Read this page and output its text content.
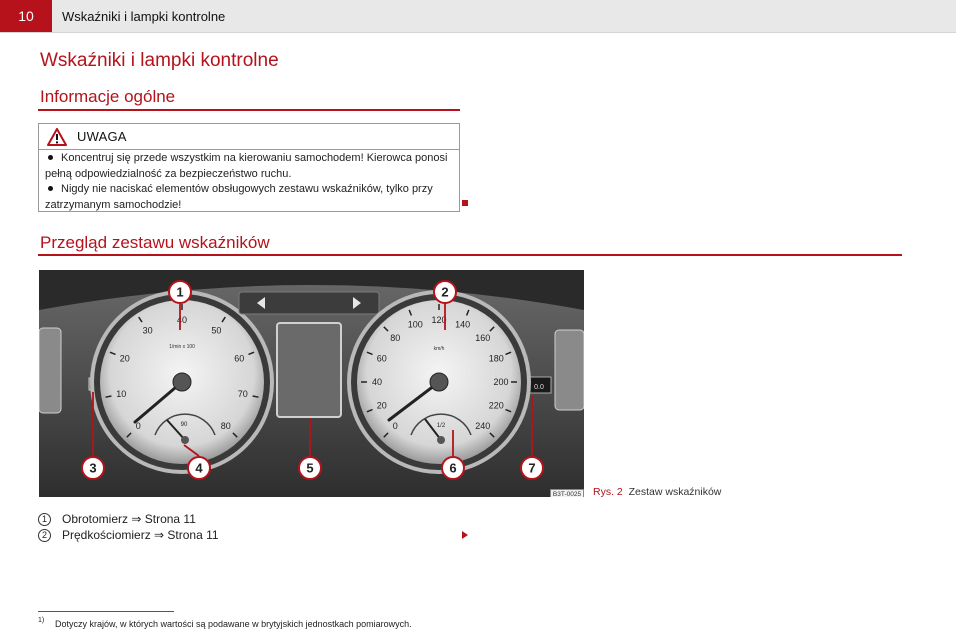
10	Wskaźniki i lampki kontrolne
Wskaźniki i lampki kontrolne
Informacje ogólne
UWAGA

Koncentruj się przede wszystkim na kierowaniu samochodem! Kierowca ponosi pełną odpowiedzialność za bezpieczeństwo ruchu.

Nigdy nie naciskać elementów obsługowych zestawu wskaźników, tylko przy zatrzymanym samochodzie!

Przegląd zestawu wskaźników
0.0
0
10
20
30
40
50
60
70
80
1/min x 100
90	0
20
40
60
80
100 120 140
160
180
200
220
240
km/h
1/2
1	2
3	4	5	6	7
B3T-0025 Rys. 2 Zestaw wskaźników
1	Obrotomierz ⇒ Strona 11
2	Prędkościomierz ⇒ Strona 11
1) Dotyczy krajów, w których wartości są podawane w brytyjskich jednostkach pomiarowych.
